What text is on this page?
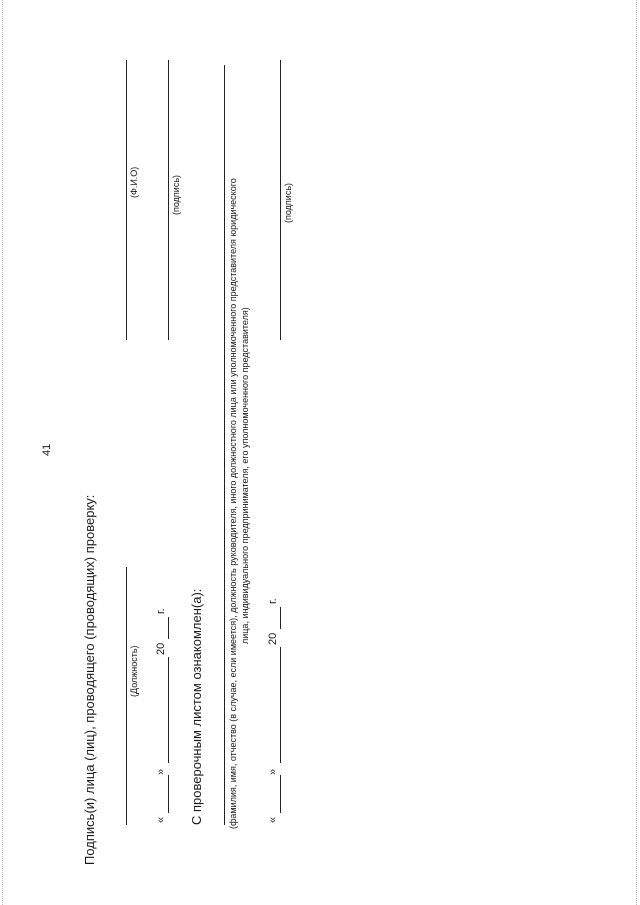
41
Подпись(и) лица (лиц), проводящего (проводящих) проверку:	(Должность)
(Ф.И.О)
«
»
20
г.
(подпись)
С проверочным листом ознакомлен(а):	(фамилия, имя, отчество (в случае, если имеется), должность руководителя, иного должностного лица или уполномоченного представителя юридического лица, индивидуального предпринимателя, его уполномоченного представителя)
«
»
20
г.
(подпись)
